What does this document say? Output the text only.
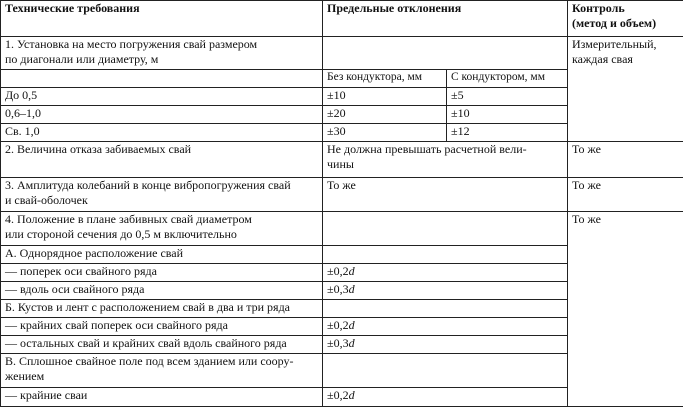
Технические требования	Предельные отклонения		Контроль
(метод и объем)
1. Установка на место погружения свай размером
по диагонали или диаметру, м			Измерительный,
каждая свая
	Без кондуктора, мм	С кондуктором, мм	
До 0,5	±10	±5	
0,6–1,0	±20	±10	
Св. 1,0	±30	±12	
2. Величина отказа забиваемых свай	Не должна превышать расчетной вели-
чины		То же
3. Амплитуда колебаний в конце вибропогружения свай
и свай-оболочек	То же		То же
4. Положение в плане забивных свай диаметром
или стороной сечения до 0,5 м включительно			То же
А. Однорядное расположение свай			
— поперек оси свайного ряда	±0,2d		
— вдоль оси свайного ряда	±0,3d		
Б. Кустов и лент с расположением свай в два и три ряда			
— крайних свай поперек оси свайного ряда	±0,2d		
— остальных свай и крайних свай вдоль свайного ряда	±0,3d		
В. Сплошное свайное поле под всем зданием или соору-
жением			
— крайние сваи	±0,2d		
